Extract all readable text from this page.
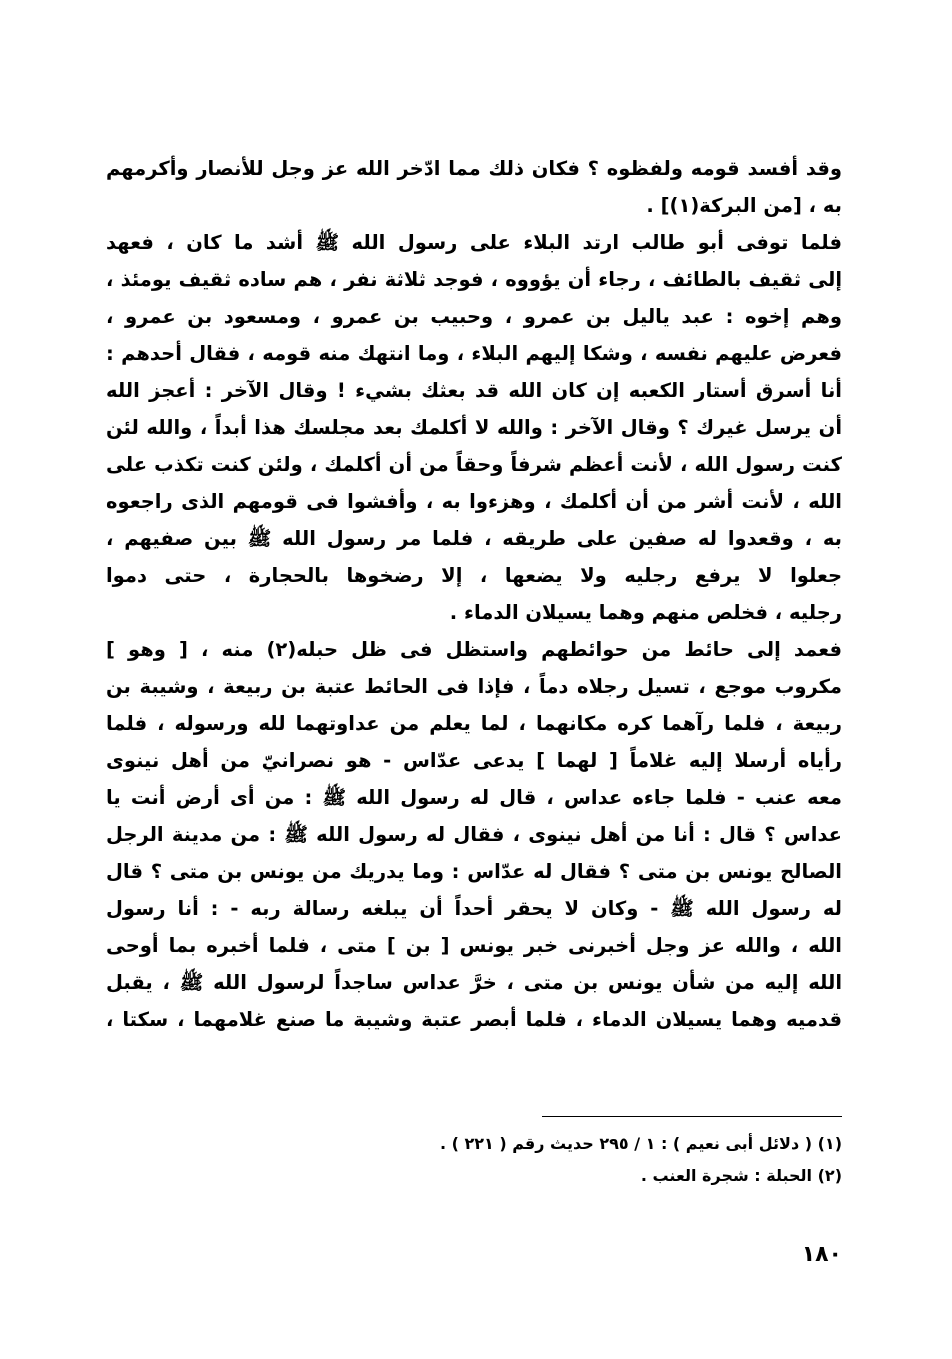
وقد أفسد قومه ولفظوه ؟ فكان ذلك مما ادّخر الله عز وجل للأنصار وأكرمهم
به ، [من البركة(١)] .
فلما توفى أبو طالب ارتد البلاء على رسول الله ﷺ أشد ما كان ، فعهد
إلى ثقيف بالطائف ، رجاء أن يؤووه ، فوجد ثلاثة نفر ، هم ساده ثقيف يومئذ ،
وهم إخوه : عبد ياليل بن عمرو ، وحبيب بن عمرو ، ومسعود بن عمرو ،
فعرض عليهم نفسه ، وشكا إليهم البلاء ، وما انتهك منه قومه ، فقال أحدهم :
أنا أسرق أستار الكعبه إن كان الله قد بعثك بشيء ! وقال الآخر : أعجز الله
أن يرسل غيرك ؟ وقال الآخر : والله لا أكلمك بعد مجلسك هذا أبداً ، والله لئن
كنت رسول الله ، لأنت أعظم شرفاً وحقاً من أن أكلمك ، ولئن كنت تكذب على
الله ، لأنت أشر من أن أكلمك ، وهزءوا به ، وأفشوا فى قومهم الذى راجعوه
به ، وقعدوا له صفين على طريقه ، فلما مر رسول الله ﷺ بين صفيهم ،
جعلوا لا يرفع رجليه ولا يضعها ، إلا رضخوها بالحجارة ، حتى دموا
رجليه ، فخلص منهم وهما يسيلان الدماء .
فعمد إلى حائط من حوائطهم واستظل فى ظل حبله(٢) منه ، [ وهو ]
مكروب موجع ، تسيل رجلاه دماً ، فإذا فى الحائط عتبة بن ربيعة ، وشيبة بن
ربيعة ، فلما رآهما كره مكانهما ، لما يعلم من عداوتهما لله ورسوله ، فلما
رأياه أرسلا إليه غلاماً [ لهما ] يدعى عدّاس - هو نصرانيّ من أهل نينوى
معه عنب - فلما جاءه عداس ، قال له رسول الله ﷺ : من أى أرض أنت يا
عداس ؟ قال : أنا من أهل نينوى ، فقال له رسول الله ﷺ : من مدينة الرجل
الصالح يونس بن متى ؟ فقال له عدّاس : وما يدريك من يونس بن متى ؟ قال
له رسول الله ﷺ - وكان لا يحقر أحداً أن يبلغه رسالة ربه - : أنا رسول
الله ، والله عز وجل أخبرنى خبر يونس [ بن ] متى ، فلما أخبره بما أوحى
الله إليه من شأن يونس بن متى ، خرَّ عداس ساجداً لرسول الله ﷺ ، يقبل
قدميه وهما يسيلان الدماء ، فلما أبصر عتبة وشيبة ما صنع غلامهما ، سكتا ،
(١) ( دلائل أبى نعيم ) : ١ / ٢٩٥ حديث رقم ( ٢٢١ ) .
(٢) الحبلة : شجرة العنب .
١٨٠
